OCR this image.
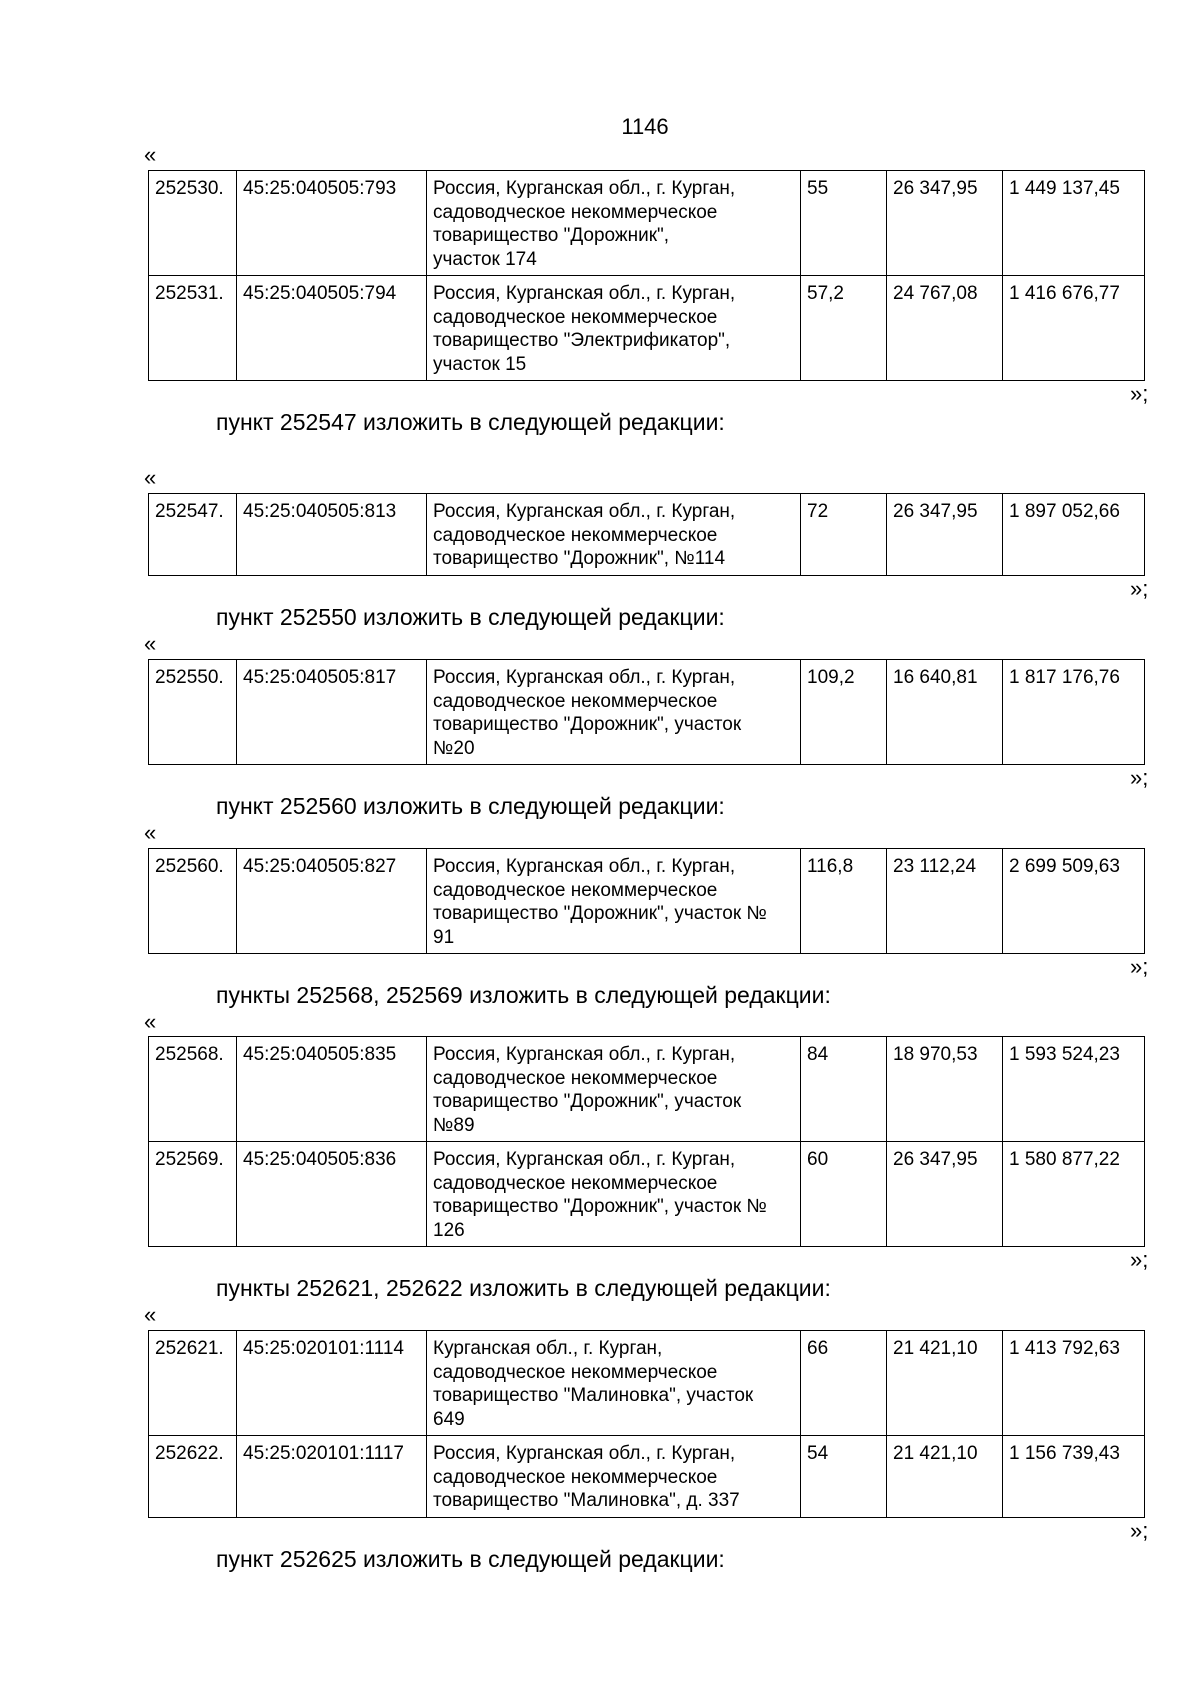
1146
«
252530.	45:25:040505:793	Россия, Курганская обл., г. Курган,
садоводческое некоммерческое
товарищество "Дорожник",
участок 174	55	26 347,95	1 449 137,45
252531.	45:25:040505:794	Россия, Курганская обл., г. Курган,
садоводческое некоммерческое
товарищество "Электрификатор",
участок 15	57,2	24 767,08	1 416 676,77
»;
пункт 252547 изложить в следующей редакции:
«
252547.	45:25:040505:813	Россия, Курганская обл., г. Курган,
садоводческое некоммерческое
товарищество "Дорожник", №114	72	26 347,95	1 897 052,66
»;
пункт 252550 изложить в следующей редакции:
«
252550.	45:25:040505:817	Россия, Курганская обл., г. Курган,
садоводческое некоммерческое
товарищество "Дорожник", участок
№20	109,2	16 640,81	1 817 176,76
»;
пункт 252560 изложить в следующей редакции:
«
252560.	45:25:040505:827	Россия, Курганская обл., г. Курган,
садоводческое некоммерческое
товарищество "Дорожник", участок №
91	116,8	23 112,24	2 699 509,63
»;
пункты 252568, 252569 изложить в следующей редакции:
«
252568.	45:25:040505:835	Россия, Курганская обл., г. Курган,
садоводческое некоммерческое
товарищество "Дорожник", участок
№89	84	18 970,53	1 593 524,23
252569.	45:25:040505:836	Россия, Курганская обл., г. Курган,
садоводческое некоммерческое
товарищество "Дорожник", участок №
126	60	26 347,95	1 580 877,22
»;
пункты 252621, 252622 изложить в следующей редакции:
«
252621.	45:25:020101:1114	Курганская обл., г. Курган,
садоводческое некоммерческое
товарищество "Малиновка", участок
649	66	21 421,10	1 413 792,63
252622.	45:25:020101:1117	Россия, Курганская обл., г. Курган,
садоводческое некоммерческое
товарищество "Малиновка", д. 337	54	21 421,10	1 156 739,43
»;
пункт 252625 изложить в следующей редакции:
